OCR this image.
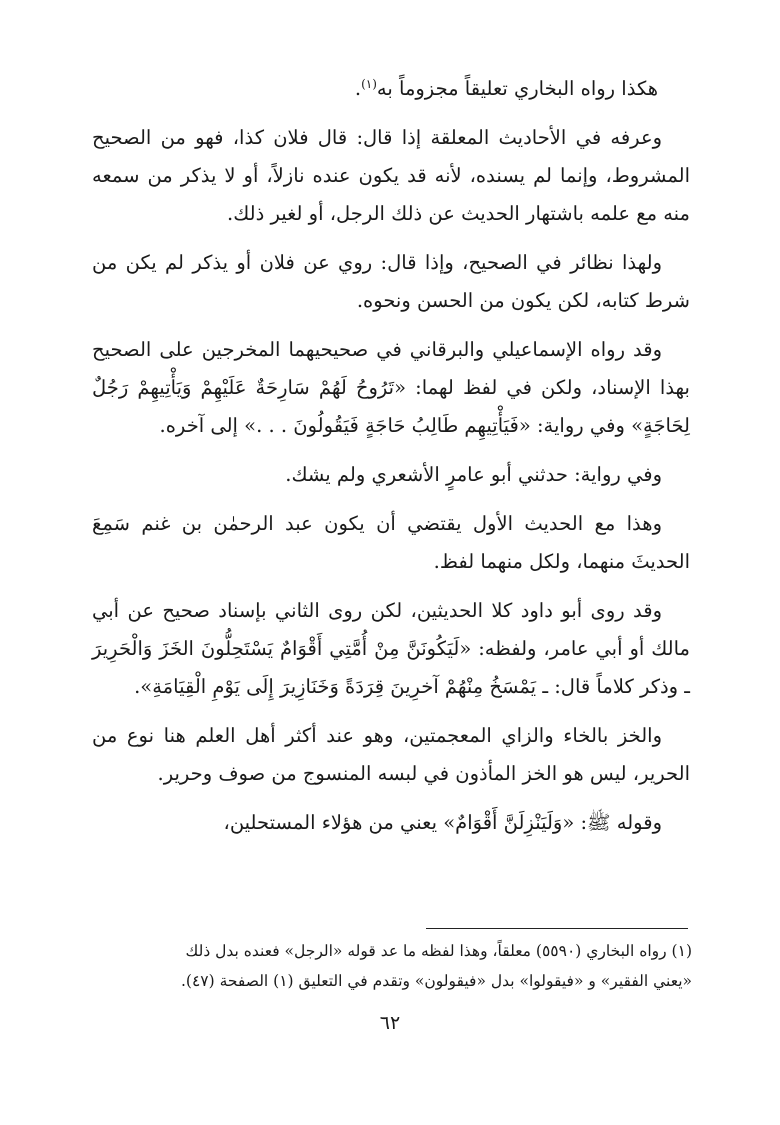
هكذا رواه البخاري تعليقاً مجزوماً به$^{(١)}$.

وعرفه في الأحاديث المعلقة إذا قال: قال فلان كذا، فهو من الصحيح المشروط، وإنما لم يسنده، لأنه قد يكون عنده نازلاً، أو لا يذكر من سمعه منه مع علمه باشتهار الحديث عن ذلك الرجل، أو لغير ذلك.

ولهذا نظائر في الصحيح، وإذا قال: روي عن فلان أو يذكر لم يكن من شرط كتابه، لكن يكون من الحسن ونحوه.

وقد رواه الإسماعيلي والبرقاني في صحيحيهما المخرجين على الصحيح بهذا الإسناد، ولكن في لفظ لهما: «تَرُوحُ لَهُمْ سَارِحَةٌ عَلَيْهِمْ وَيَأْتِيهِمْ رَجُلٌ لِحَاجَةٍ» وفي رواية: «فَيَأْتِيهِم طَالِبُ حَاجَةٍ فَيَقُولُونَ . . .» إلى آخره.

وفي رواية: حدثني أبو عامرٍ الأشعري ولم يشك.

وهذا مع الحديث الأول يقتضي أن يكون عبد الرحمٰن بن غنم سَمِعَ الحديثَ منهما، ولكل منهما لفظ.

وقد روى أبو داود كلا الحديثين، لكن روى الثاني بإسناد صحيح عن أبي مالك أو أبي عامر، ولفظه: «لَيَكُونَنَّ مِنْ أُمَّتِي أَقْوَامٌ يَسْتَحِلُّونَ الخَزَ وَالْحَرِيرَ ـ وذكر كلاماً قال: ـ يَمْسَخُ مِنْهُمْ آخرِينَ قِرَدَةً وَخَنَازِيرَ إِلَى يَوْمِ الْقِيَامَةِ».

والخز بالخاء والزاي المعجمتين، وهو عند أكثر أهل العلم هنا نوع من الحرير، ليس هو الخز المأذون في لبسه المنسوج من صوف وحرير.

وقوله ﷺ: «وَلَيَنْزِلَنَّ أَقْوَامٌ» يعني من هؤلاء المستحلين،

(١) رواه البخاري (٥٥٩٠) معلقاً، وهذا لفظه ما عد قوله «الرجل» فعنده بدل ذلك

«يعني الفقير» و «فيقولوا» بدل «فيقولون» وتقدم في التعليق (١) الصفحة (٤٧).

٦٢
